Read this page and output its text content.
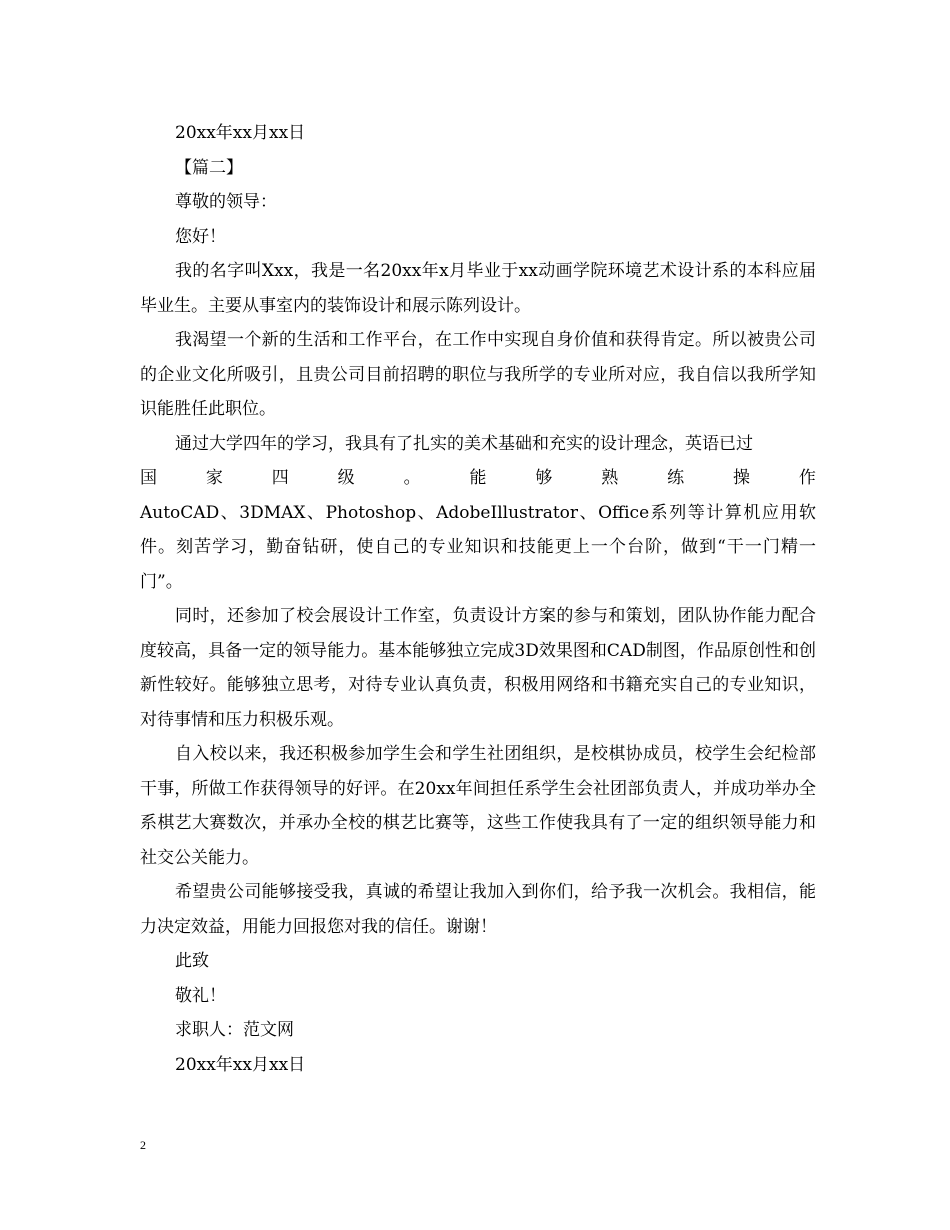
20xx年xx月xx日

【篇二】

尊敬的领导：

您好！

我的名字叫Xxx，我是一名20xx年x月毕业于xx动画学院环境艺术设计系的本科应届毕业生。主要从事室内的装饰设计和展示陈列设计。

我渴望一个新的生活和工作平台，在工作中实现自身价值和获得肯定。所以被贵公司的企业文化所吸引，且贵公司目前招聘的职位与我所学的专业所对应，我自信以我所学知识能胜任此职位。

通过大学四年的学习，我具有了扎实的美术基础和充实的设计理念，英语已过

国	家	四	级	。	能	够	熟	练	操	作

AutoCAD、3DMAX、Photoshop、AdobeIllustrator、Office系列等计算机应用软件。刻苦学习，勤奋钻研，使自己的专业知识和技能更上一个台阶，做到“干一门精一门”。

同时，还参加了校会展设计工作室，负责设计方案的参与和策划，团队协作能力配合度较高，具备一定的领导能力。基本能够独立完成3D效果图和CAD制图，作品原创性和创新性较好。能够独立思考，对待专业认真负责，积极用网络和书籍充实自己的专业知识，对待事情和压力积极乐观。

自入校以来，我还积极参加学生会和学生社团组织，是校棋协成员，校学生会纪检部干事，所做工作获得领导的好评。在20xx年间担任系学生会社团部负责人，并成功举办全系棋艺大赛数次，并承办全校的棋艺比赛等，这些工作使我具有了一定的组织领导能力和社交公关能力。

希望贵公司能够接受我，真诚的希望让我加入到你们，给予我一次机会。我相信，能力决定效益，用能力回报您对我的信任。谢谢！

此致

敬礼！

求职人：范文网

20xx年xx月xx日

2
